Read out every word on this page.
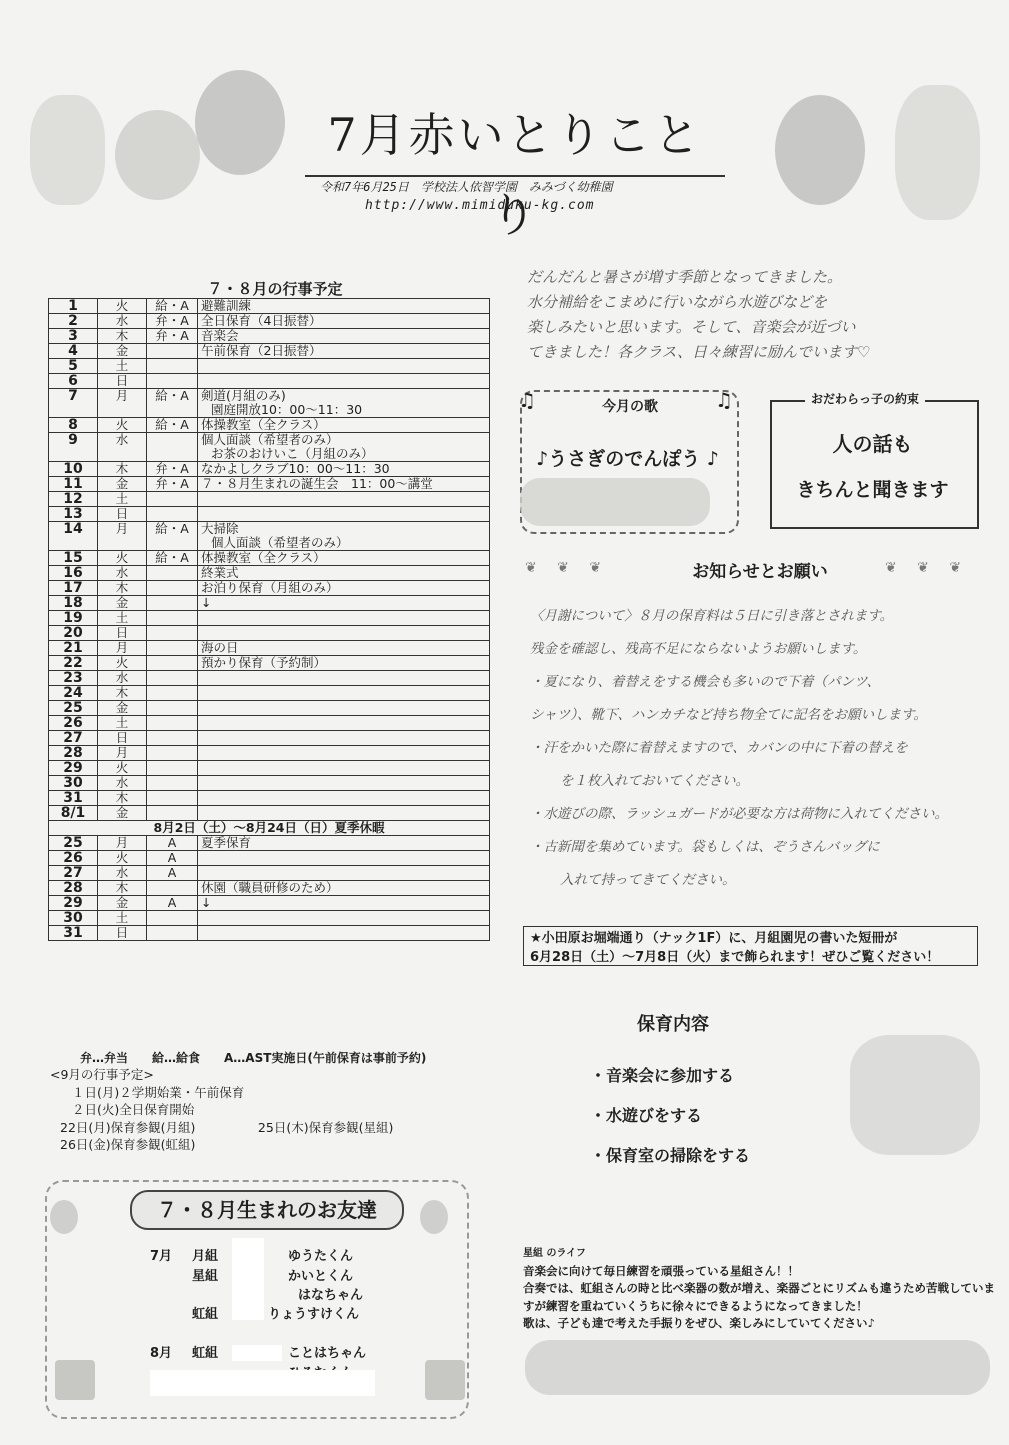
7月赤いとりことり
令和7年6月25日　学校法人依智学園　みみづく幼稚園
http://www.mimiduku-kg.com
７・８月の行事予定
1	火	給・A	避難訓練

2	水	弁・A	全日保育（4日振替）

3	木	弁・A	音楽会

4	金		午前保育（2日振替）

5	土		

6	日		

7	月	給・A	剣道(月組のみ)
園庭開放10：00～11：30

8	火	給・A	体操教室（全クラス）

9	水		個人面談（希望者のみ）
お茶のおけいこ（月組のみ）

10	木	弁・A	なかよしクラブ10：00～11：30

11	金	弁・A	７・８月生まれの誕生会　11：00～講堂

12	土		

13	日		

14	月	給・A	大掃除
個人面談（希望者のみ）

15	火	給・A	体操教室（全クラス）

16	水		終業式

17	木		お泊り保育（月組のみ）

18	金		↓

19	土		

20	日		

21	月		海の日

22	火		預かり保育（予約制）

23	水		

24	木		

25	金		

26	土		

27	日		

28	月		

29	火		

30	水		

31	木		

8/1	金		

8月2日（土）～8月24日（日）夏季休暇			
25	月	A	夏季保育

26	火	A	

27	水	A	

28	木		休園（職員研修のため）

29	金	A	↓

30	土		

31	日		
弁…弁当　　給…給食　　A…AST実施日(午前保育は事前予約)
<9月の行事予定>
１日(月)２学期始業・午前保育
２日(火)全日保育開始
22日(月)保育参観(月組)　　　　　25日(木)保育参観(星組)
26日(金)保育参観(虹組)
７・８月生まれのお友達
7月 月組	ゆうたくん
星組	かいとくん
はなちゃん
虹組	りょうすけくん
8月 虹組	ことはちゃん
だんだんと暑さが増す季節となってきました。
水分補給をこまめに行いながら水遊びなどを
楽しみたいと思います。そして、音楽会が近づい
てきました！各クラス、日々練習に励んでいます♡
今月の歌
♪うさぎのでんぽう ♪
♫	♫	おだわらっ子の約束
人の話も
きちんと聞きます
お知らせとお願い
❦ ❦ ❦	❦ ❦ ❦
〈月謝について〉８月の保育料は５日に引き落とされます。
残金を確認し、残高不足にならないようお願いします。
・夏になり、着替えをする機会も多いので下着（パンツ、
シャツ）、靴下、ハンカチなど持ち物全てに記名をお願いします。
・汗をかいた際に着替えますので、カバンの中に下着の替えを
を１枚入れておいてください。
・水遊びの際、ラッシュガードが必要な方は荷物に入れてください。
・古新聞を集めています。袋もしくは、ぞうさんバッグに
入れて持ってきてください。
★小田原お堀端通り（ナック1F）に、月組園児の書いた短冊が
6月28日（土）～7月8日（火）まで飾られます！ぜひご覧ください！
保育内容
・音楽会に参加する
・水遊びをする
・保育室の掃除をする
星組 のライフ
音楽会に向けて毎日練習を頑張っている星組さん！！
合奏では、虹組さんの時と比べ楽器の数が増え、楽器ごとにリズムも違うため苦戦していま
すが練習を重ねていくうちに徐々にできるようになってきました！
歌は、子ども達で考えた手振りをぜひ、楽しみにしていてください♪
